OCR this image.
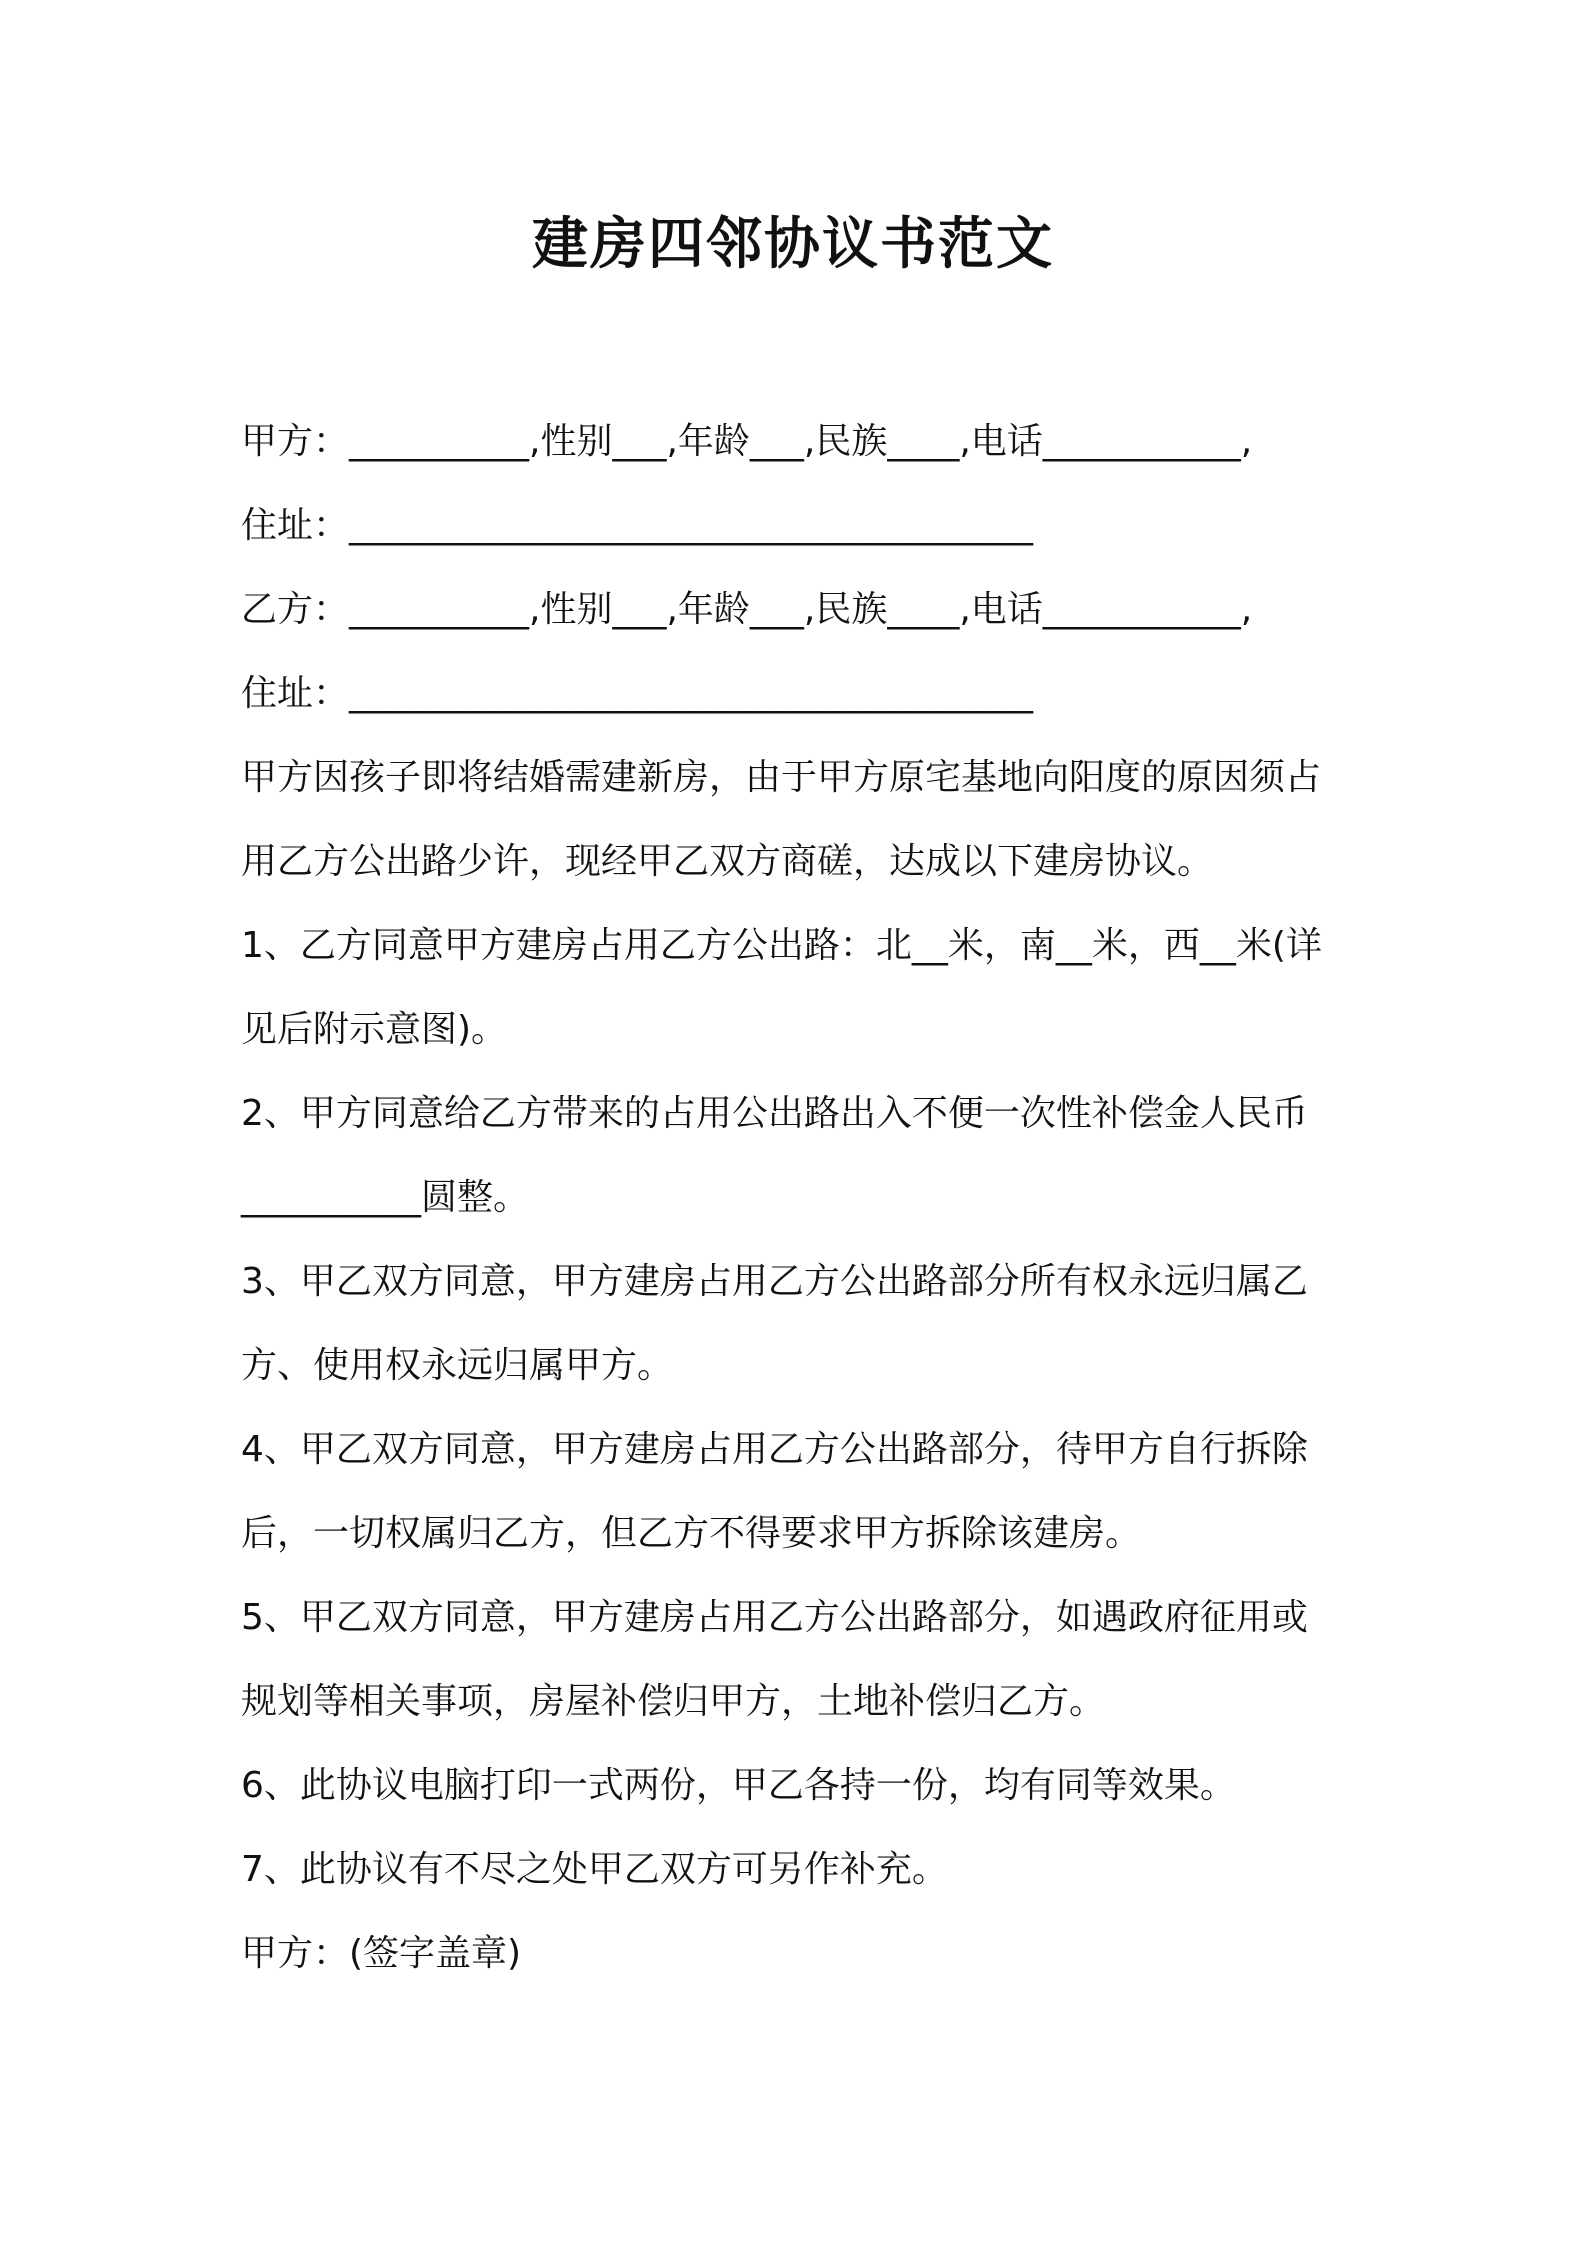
建房四邻协议书范文

甲方：__________,性别___,年龄___,民族____,电话___________,

住址：______________________________________

乙方：__________,性别___,年龄___,民族____,电话___________,

住址：______________________________________

甲方因孩子即将结婚需建新房，由于甲方原宅基地向阳度的原因须占

用乙方公出路少许，现经甲乙双方商磋，达成以下建房协议。

1、乙方同意甲方建房占用乙方公出路：北__米，南__米，西__米(详

见后附示意图)。

2、甲方同意给乙方带来的占用公出路出入不便一次性补偿金人民币

__________圆整。

3、甲乙双方同意，甲方建房占用乙方公出路部分所有权永远归属乙

方、使用权永远归属甲方。

4、甲乙双方同意，甲方建房占用乙方公出路部分，待甲方自行拆除

后，一切权属归乙方，但乙方不得要求甲方拆除该建房。

5、甲乙双方同意，甲方建房占用乙方公出路部分，如遇政府征用或

规划等相关事项，房屋补偿归甲方，土地补偿归乙方。

6、此协议电脑打印一式两份，甲乙各持一份，均有同等效果。

7、此协议有不尽之处甲乙双方可另作补充。

甲方：(签字盖章)
